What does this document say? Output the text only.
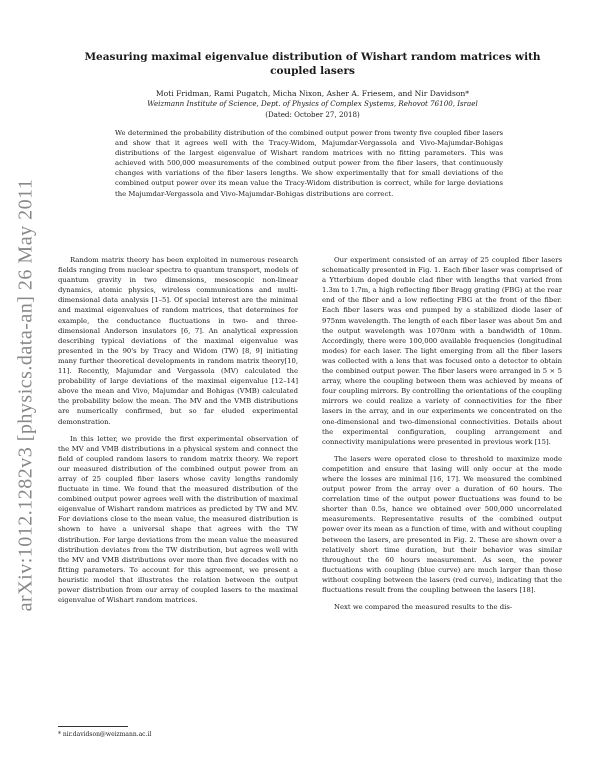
arXiv:1012.1282v3 [physics.data-an] 26 May 2011
Measuring maximal eigenvalue distribution of Wishart random matrices with coupled lasers
Moti Fridman, Rami Pugatch, Micha Nixon, Asher A. Friesem, and Nir Davidson*
Weizmann Institute of Science, Dept. of Physics of Complex Systems, Rehovot 76100, Israel
(Dated: October 27, 2018)
We determined the probability distribution of the combined output power from twenty five coupled fiber lasers and show that it agrees well with the Tracy-Widom, Majumdar-Vergassola and Vivo-Majumdar-Bohigas distributions of the largest eigenvalue of Wishart random matrices with no fitting parameters. This was achieved with 500,000 measurements of the combined output power from the fiber lasers, that continuously changes with variations of the fiber lasers lengths. We show experimentally that for small deviations of the combined output power over its mean value the Tracy-Widom distribution is correct, while for large deviations the Majumdar-Vergassola and Vivo-Majumdar-Bohigas distributions are correct.

Random matrix theory has been exploited in numerous research fields ranging from nuclear spectra to quantum transport, models of quantum gravity in two dimensions, mesoscopic non-linear dynamics, atomic physics, wireless communications and multi-dimensional data analysis [1–5]. Of special interest are the minimal and maximal eigenvalues of random matrices, that determines for example, the conductance fluctuations in two- and three-dimensional Anderson insulators [6, 7]. An analytical expression describing typical deviations of the maximal eigenvalue was presented in the 90's by Tracy and Widom (TW) [8, 9] initiating many further theoretical developments in random matrix theory[10, 11]. Recently, Majumdar and Vergassola (MV) calculated the probability of large deviations of the maximal eigenvalue [12–14] above the mean and Vivo, Majumdar and Bohigas (VMB) calculated the probability below the mean. The MV and the VMB distributions are numerically confirmed, but so far eluded experimental demonstration.

In this letter, we provide the first experimental observation of the MV and VMB distributions in a physical system and connect the field of coupled random lasers to random matrix theory. We report our measured distribution of the combined output power from an array of 25 coupled fiber lasers whose cavity lengths randomly fluctuate in time. We found that the measured distribution of the combined output power agrees well with the distribution of maximal eigenvalue of Wishart random matrices as predicted by TW and MV. For deviations close to the mean value, the measured distribution is shown to have a universal shape that agrees with the TW distribution. For large deviations from the mean value the measured distribution deviates from the TW distribution, but agrees well with the MV and VMB distributions over more than five decades with no fitting parameters. To account for this agreement, we present a heuristic model that illustrates the relation between the output power distribution from our array of coupled lasers to the maximal eigenvalue of Wishart random matrices.

Our experiment consisted of an array of 25 coupled fiber lasers schematically presented in Fig. 1. Each fiber laser was comprised of a Ytterbium doped double clad fiber with lengths that varied from 1.3m to 1.7m, a high reflecting fiber Bragg grating (FBG) at the rear end of the fiber and a low reflecting FBG at the front of the fiber. Each fiber lasers was end pumped by a stabilized diode laser of 975nm wavelength. The length of each fiber laser was about 5m and the output wavelength was 1070nm with a bandwidth of 10nm. Accordingly, there were 100,000 available frequencies (longitudinal modes) for each laser. The light emerging from all the fiber lasers was collected with a lens that was focused onto a detector to obtain the combined output power. The fiber lasers were arranged in 5 × 5 array, where the coupling between them was achieved by means of four coupling mirrors. By controlling the orientations of the coupling mirrors we could realize a variety of connectivities for the fiber lasers in the array, and in our experiments we concentrated on the one-dimensional and two-dimensional connectivities. Details about the experimental configuration, coupling arrangement and connectivity manipulations were presented in previous work [15].

The lasers were operated close to threshold to maximize mode competition and ensure that lasing will only occur at the mode where the losses are minimal [16, 17]. We measured the combined output power from the array over a duration of 60 hours. The correlation time of the output power fluctuations was found to be shorter than 0.5s, hance we obtained over 500,000 uncorrelated measurements. Representative results of the combined output power over its mean as a function of time, with and without coupling between the lasers, are presented in Fig. 2. These are shown over a relatively short time duration, but their behavior was similar throughout the 60 hours measurement. As seen, the power fluctuations with coupling (blue curve) are much larger than those without coupling between the lasers (red curve), indicating that the fluctuations result from the coupling between the lasers [18].

Next we compared the measured results to the dis-

* nir.davidson@weizmann.ac.il
